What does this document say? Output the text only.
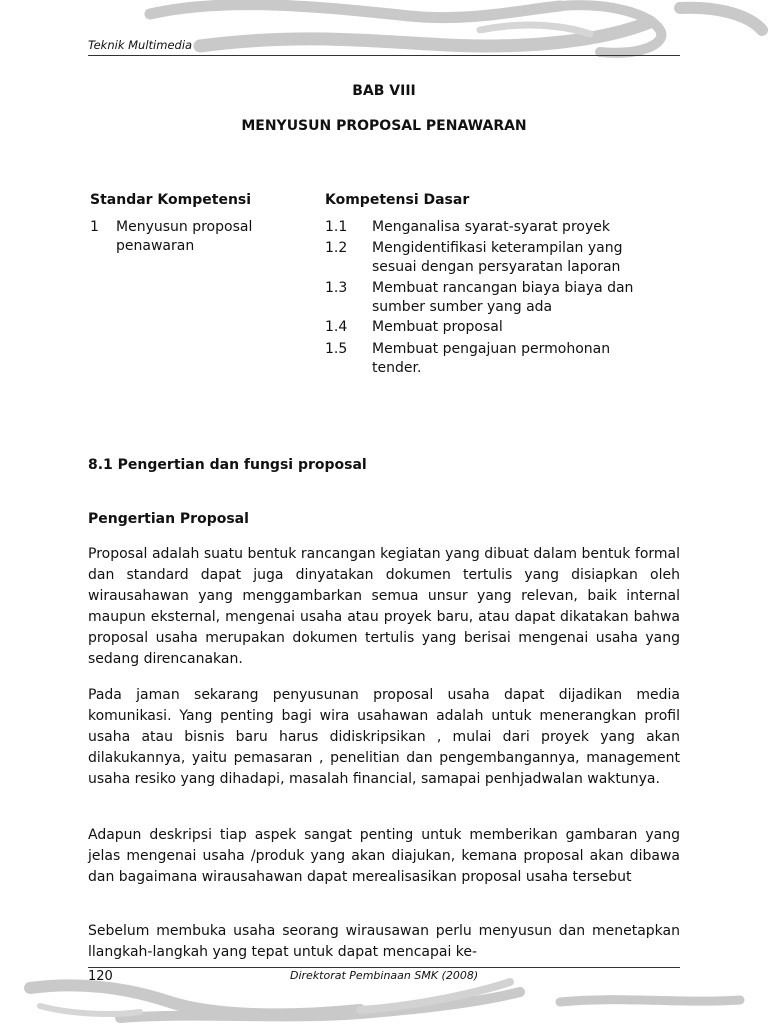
Teknik Multimedia
BAB VIII
MENYUSUN PROPOSAL PENAWARAN
Standar Kompetensi	Kompetensi Dasar
1 Menyusun proposal
penawaran
1.1 Menganalisa syarat-syarat proyek
1.2 Mengidentifikasi keterampilan yang
sesuai dengan persyaratan laporan
1.3 Membuat rancangan biaya biaya dan
sumber sumber yang ada
1.4 Membuat proposal
1.5 Membuat pengajuan permohonan
tender.
8.1 Pengertian dan fungsi proposal
Pengertian Proposal
Proposal adalah suatu bentuk rancangan kegiatan yang dibuat dalam bentuk formal dan standard dapat juga dinyatakan dokumen tertulis yang disiapkan oleh wirausahawan yang menggambarkan semua unsur yang relevan, baik internal maupun eksternal, mengenai usaha atau proyek baru, atau dapat dikatakan bahwa proposal usaha merupakan dokumen tertulis yang berisai mengenai usaha yang sedang direncanakan.
Pada jaman sekarang penyusunan proposal usaha dapat dijadikan media komunikasi. Yang penting bagi wira usahawan adalah untuk menerangkan profil usaha atau bisnis baru harus didiskripsikan , mulai dari proyek yang akan dilakukannya, yaitu pemasaran , penelitian dan pengembangannya, management usaha resiko yang dihadapi, masalah financial, samapai penhjadwalan waktunya.
Adapun deskripsi tiap aspek sangat penting untuk memberikan gambaran yang jelas mengenai usaha /produk yang akan diajukan, kemana proposal akan dibawa dan bagaimana wirausahawan dapat merealisasikan proposal usaha tersebut
Sebelum membuka usaha seorang wirausawan perlu menyusun dan menetapkan llangkah-langkah yang tepat untuk dapat mencapai ke-
120	Direktorat Pembinaan SMK (2008)
